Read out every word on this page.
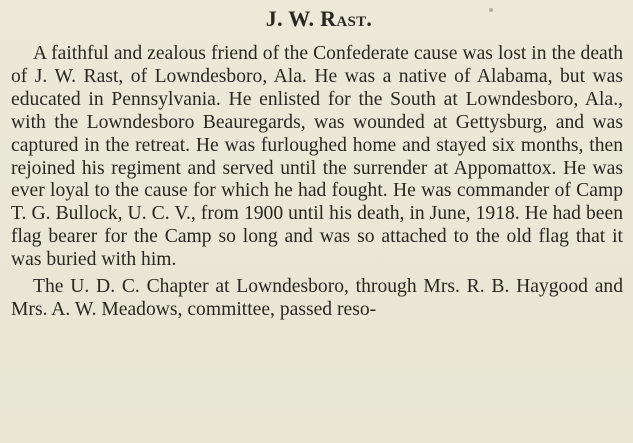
J. W. Rast.

A faithful and zealous friend of the Confederate cause was lost in the death of J. W. Rast, of Lowndesboro, Ala. He was a native of Alabama, but was educated in Pennsylvania. He enlisted for the South at Lowndesboro, Ala., with the Lowndesboro Beauregards, was wounded at Gettysburg, and was captured in the retreat. He was furloughed home and stayed six months, then rejoined his regiment and served until the surrender at Appomattox. He was ever loyal to the cause for which he had fought. He was commander of Camp T. G. Bullock, U. C. V., from 1900 until his death, in June, 1918. He had been flag bearer for the Camp so long and was so attached to the old flag that it was buried with him.

The U. D. C. Chapter at Lowndesboro, through Mrs. R. B. Haygood and Mrs. A. W. Meadows, committee, passed reso-
